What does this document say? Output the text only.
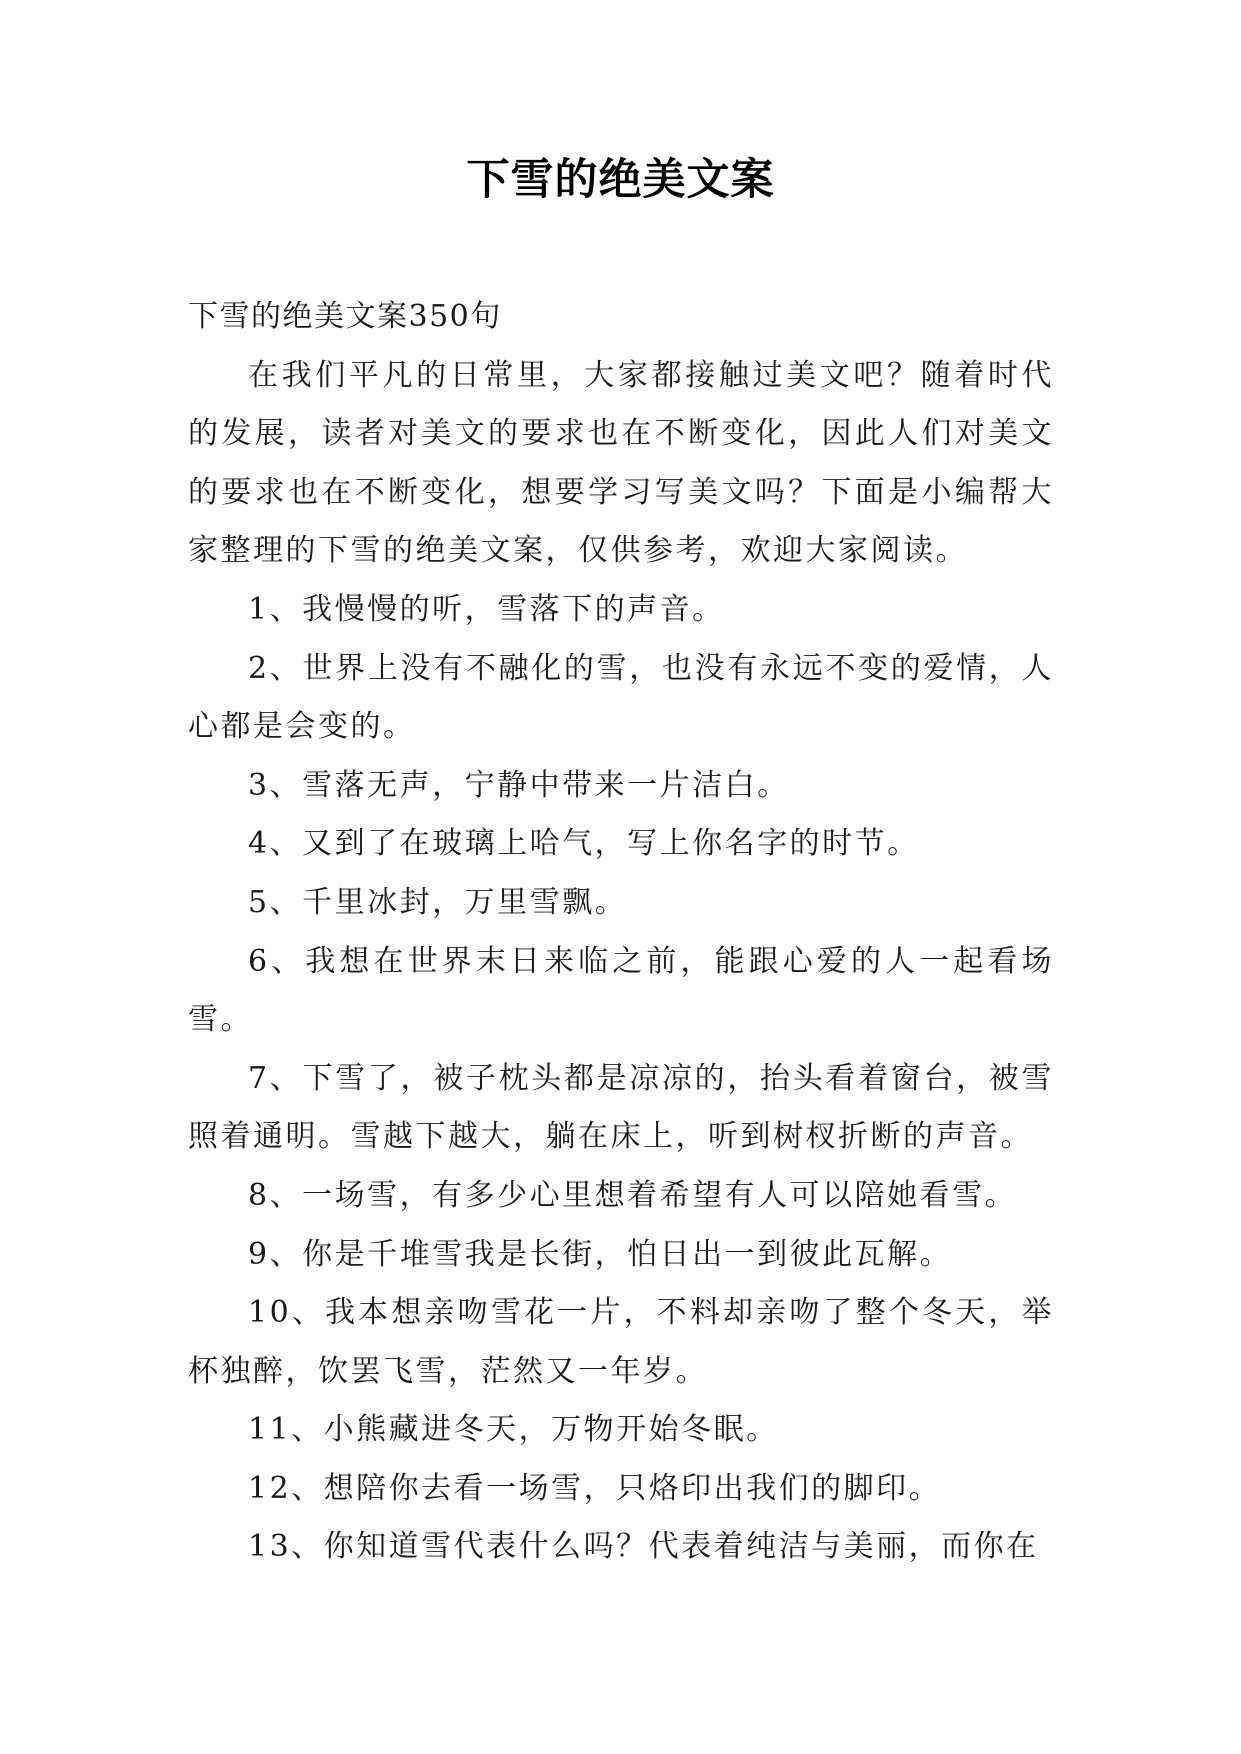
下雪的绝美文案

下雪的绝美文案350句

在我们平凡的日常里，大家都接触过美文吧？随着时代的发展，读者对美文的要求也在不断变化，因此人们对美文的要求也在不断变化，想要学习写美文吗？下面是小编帮大家整理的下雪的绝美文案，仅供参考，欢迎大家阅读。

1、我慢慢的听，雪落下的声音。

2、世界上没有不融化的雪，也没有永远不变的爱情，人心都是会变的。

3、雪落无声，宁静中带来一片洁白。

4、又到了在玻璃上哈气，写上你名字的时节。

5、千里冰封，万里雪飘。

6、我想在世界末日来临之前，能跟心爱的人一起看场雪。

7、下雪了，被子枕头都是凉凉的，抬头看着窗台，被雪照着通明。雪越下越大，躺在床上，听到树杈折断的声音。

8、一场雪，有多少心里想着希望有人可以陪她看雪。

9、你是千堆雪我是长街，怕日出一到彼此瓦解。

10、我本想亲吻雪花一片，不料却亲吻了整个冬天，举杯独醉，饮罢飞雪，茫然又一年岁。

11、小熊藏进冬天，万物开始冬眠。

12、想陪你去看一场雪，只烙印出我们的脚印。

13、你知道雪代表什么吗？代表着纯洁与美丽，而你在
